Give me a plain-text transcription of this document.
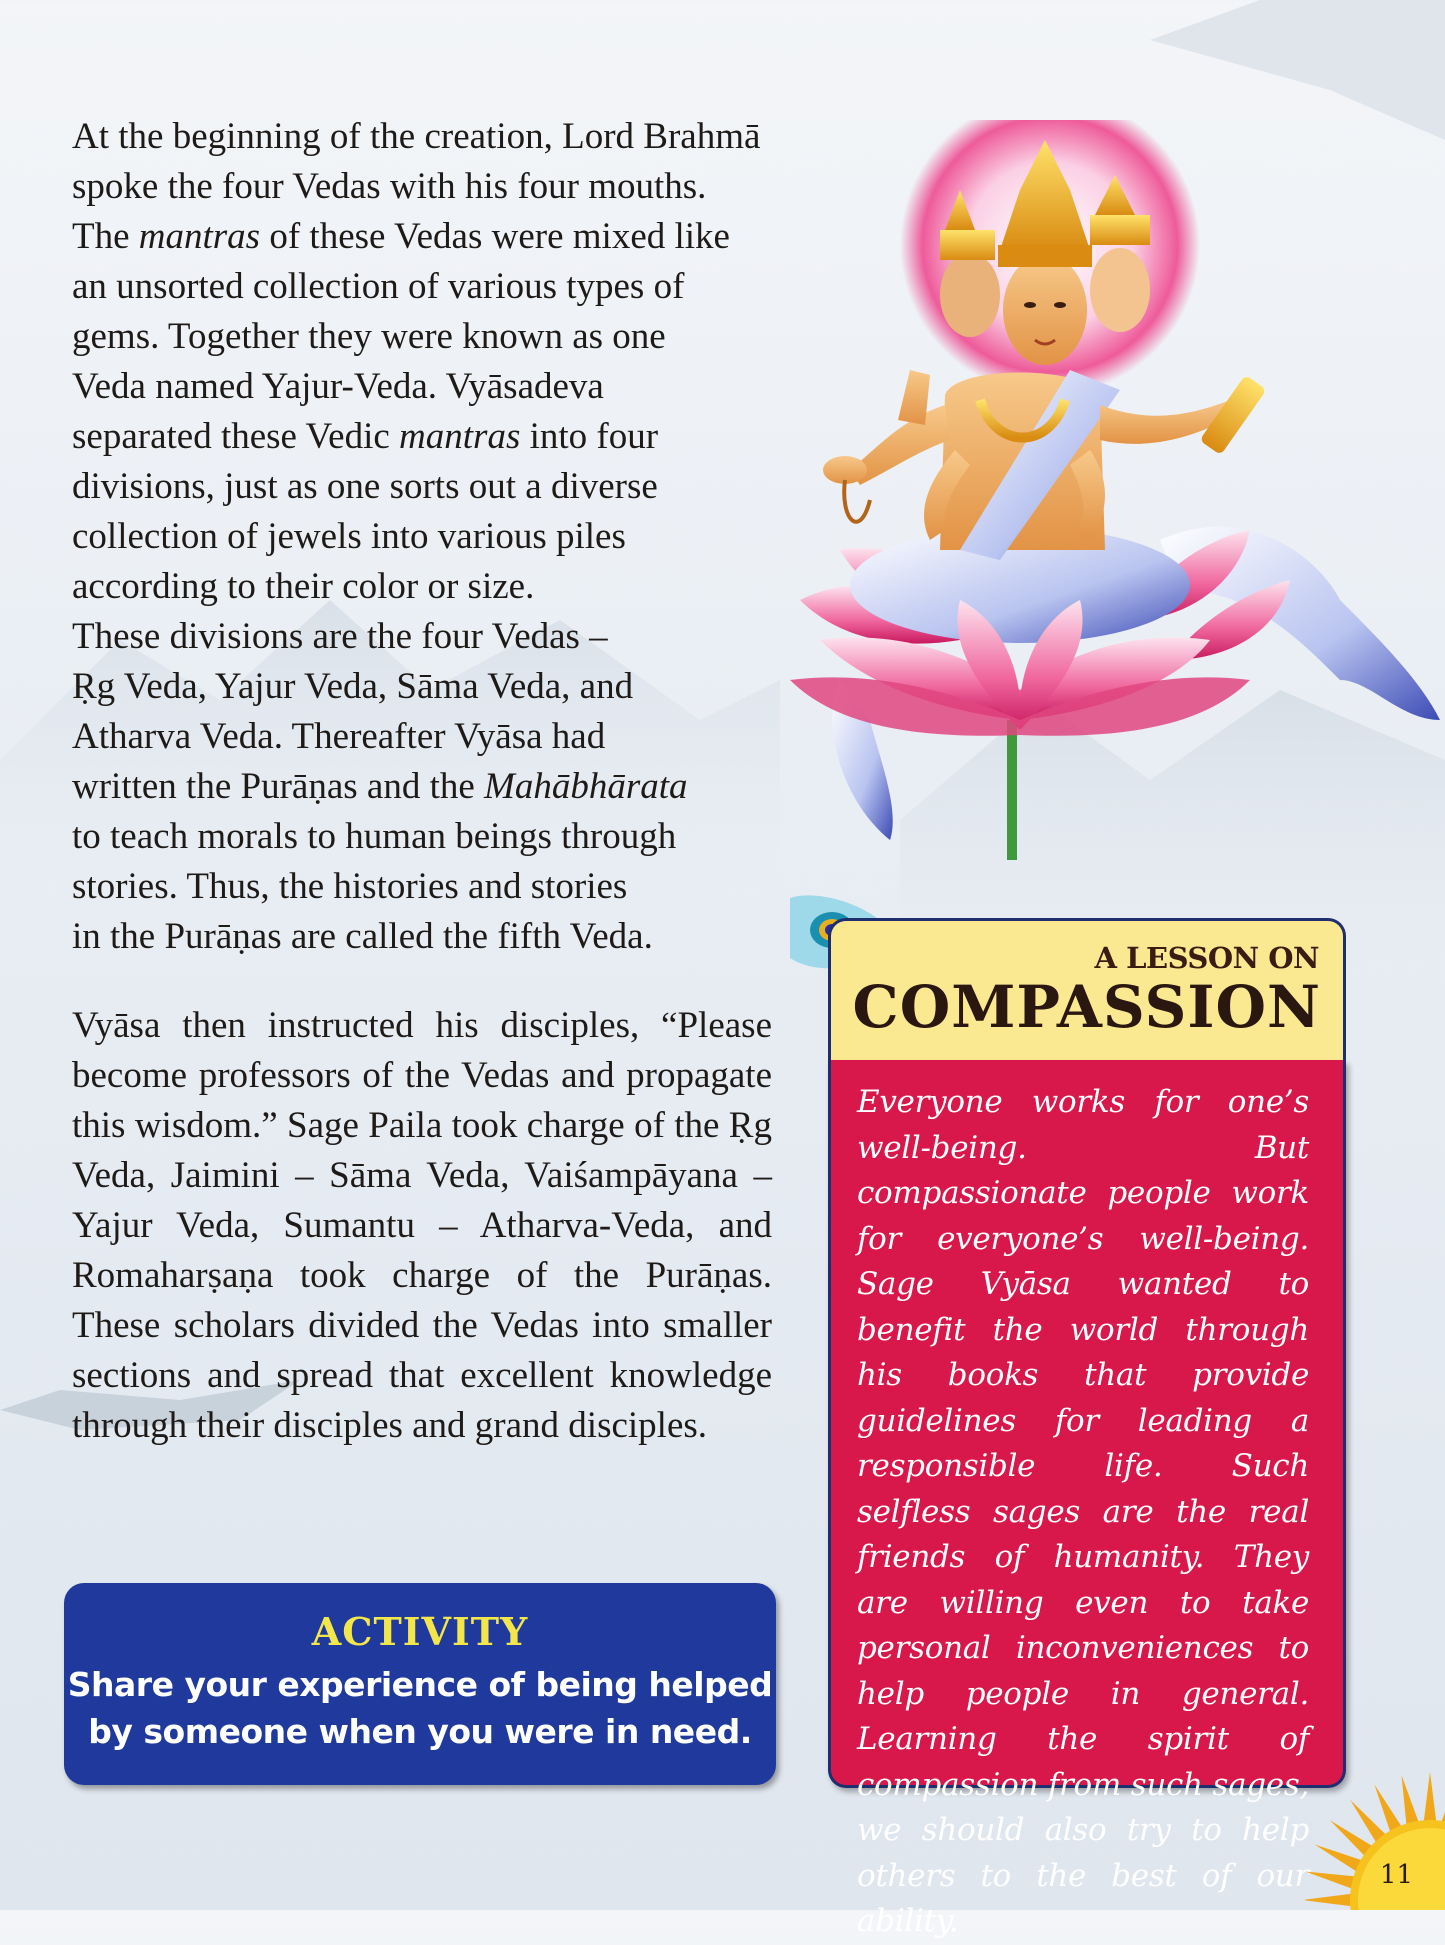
At the beginning of the creation, Lord Brahmā
spoke the four Vedas with his four mouths.
The mantras of these Vedas were mixed like
an unsorted collection of various types of
gems. Together they were known as one
Veda named Yajur-Veda. Vyāsadeva
separated these Vedic mantras into four
divisions, just as one sorts out a diverse
collection of jewels into various piles
according to their color or size.
These divisions are the four Vedas –
Ṛg Veda, Yajur Veda, Sāma Veda, and
Atharva Veda. Thereafter Vyāsa had
written the Purāṇas and the Mahābhārata
to teach morals to human beings through
stories. Thus, the histories and stories
in the Purāṇas are called the fifth Veda.

Vyāsa then instructed his disciples, “Please become professors of the Vedas and propagate this wisdom.” Sage Paila took charge of the Ṛg Veda, Jaimini – Sāma Veda, Vaiśampāyana – Yajur Veda, Sumantu – Atharva-Veda, and Romaharṣaṇa took charge of the Purāṇas. These scholars divided the Vedas into smaller sections and spread that excellent knowledge through their disciples and grand disciples.

ACTIVITY
Share your experience of being helped
by someone when you were in need.
A LESSON ON
COMPASSION

Everyone works for one’s well-being. But compassionate people work for everyone’s well-being. Sage Vyāsa wanted to benefit the world through his books that provide guidelines for leading a responsible life. Such selfless sages are the real friends of humanity. They are willing even to take personal inconveniences to help people in general. Learning the spirit of compassion from such sages, we should also try to help others to the best of our ability.

11
